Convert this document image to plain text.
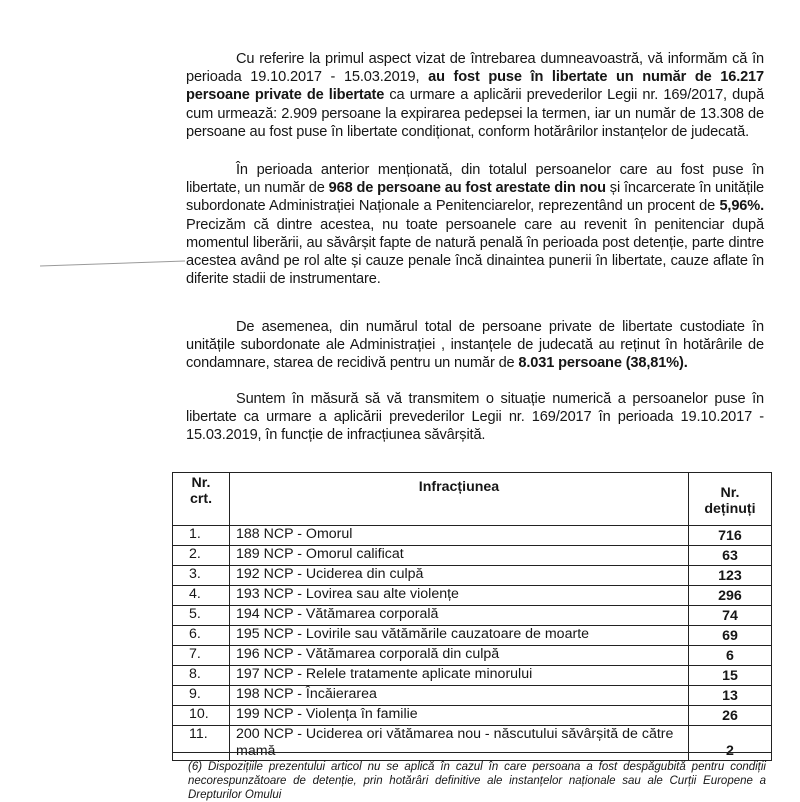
Cu referire la primul aspect vizat de întrebarea dumneavoastră, vă informăm că în perioada 19.10.2017 - 15.03.2019, au fost puse în libertate un număr de 16.217 persoane private de libertate ca urmare a aplicării prevederilor Legii nr. 169/2017, după cum urmează: 2.909 persoane la expirarea pedepsei la termen, iar un număr de 13.308 de persoane au fost puse în libertate condiționat, conform hotărârilor instanțelor de judecată.
În perioada anterior menționată, din totalul persoanelor care au fost puse în libertate, un număr de 968 de persoane au fost arestate din nou și încarcerate în unitățile subordonate Administrației Naționale a Penitenciarelor, reprezentând un procent de 5,96%. Precizăm că dintre acestea, nu toate persoanele care au revenit în penitenciar după momentul liberării, au săvârșit fapte de natură penală în perioada post detenție, parte dintre acestea având pe rol alte și cauze penale încă dinaintea punerii în libertate, cauze aflate în diferite stadii de instrumentare.
De asemenea, din numărul total de persoane private de libertate custodiate în unitățile subordonate ale Administrației , instanțele de judecată au reținut în hotărârile de condamnare, starea de recidivă pentru un număr de 8.031 persoane (38,81%).
Suntem în măsură să vă transmitem o situație numerică a persoanelor puse în libertate ca urmare a aplicării prevederilor Legii nr. 169/2017 în perioada 19.10.2017 - 15.03.2019, în funcție de infracțiunea săvârșită.
Nr. crt.	Infracțiunea	Nr. deținuți
1.	188 NCP - Omorul	716
2.	189 NCP - Omorul calificat	63
3.	192 NCP - Uciderea din culpă	123
4.	193 NCP - Lovirea sau alte violențe	296
5.	194 NCP - Vătămarea corporală	74
6.	195 NCP - Lovirile sau vătămările cauzatoare de moarte	69
7.	196 NCP - Vătămarea corporală din culpă	6
8.	197 NCP - Relele tratamente aplicate minorului	15
9.	198 NCP - Încăierarea	13
10.	199 NCP - Violența în familie	26
11.	200 NCP - Uciderea ori vătămarea nou - născutului săvârșită de către mamă	2
(6) Dispozițiile prezentului articol nu se aplică în cazul în care persoana a fost despăgubită pentru condiții necorespunzătoare de detenție, prin hotărâri definitive ale instanțelor naționale sau ale Curții Europene a Drepturilor Omului
